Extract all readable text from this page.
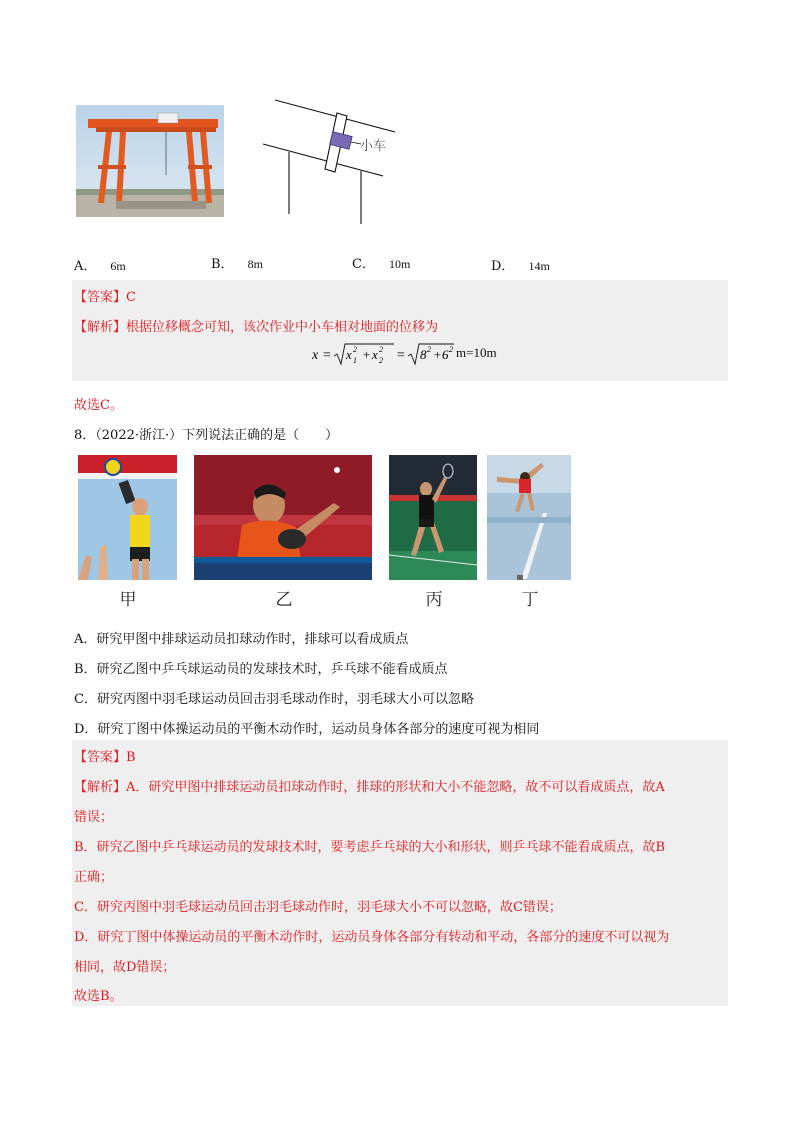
小车
A． 6m	B． 8m	C． 10m	D． 14m
【答案】C
【解析】根据位移概念可知，该次作业中小车相对地面的位移为
x = x 2
1 + x 2
2 = 8 2 + 6 2 m=10m
故选C。
8．（2022·浙江·）下列说法正确的是（　　）
甲	乙	丙	丁
A．研究甲图中排球运动员扣球动作时，排球可以看成质点
B．研究乙图中乒乓球运动员的发球技术时，乒乓球不能看成质点
C．研究丙图中羽毛球运动员回击羽毛球动作时，羽毛球大小可以忽略
D．研究丁图中体操运动员的平衡木动作时，运动员身体各部分的速度可视为相同
【答案】B
【解析】A．研究甲图中排球运动员扣球动作时，排球的形状和大小不能忽略，故不可以看成质点，故A
错误；
B．研究乙图中乒乓球运动员的发球技术时，要考虑乒乓球的大小和形状，则乒乓球不能看成质点，故B
正确；
C．研究丙图中羽毛球运动员回击羽毛球动作时，羽毛球大小不可以忽略，故C错误；
D．研究丁图中体操运动员的平衡木动作时，运动员身体各部分有转动和平动，各部分的速度不可以视为
相同，故D错误；
故选B。
